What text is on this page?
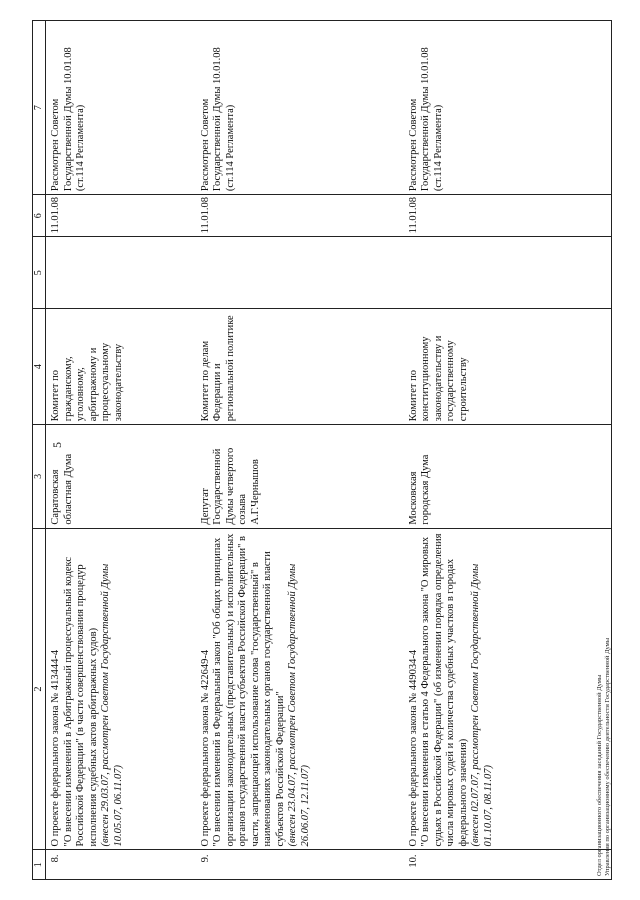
5
1	2	3	4	5	6	7
8.	О проекте федерального закона № 413444-4 "О внесении изменений в Арбитражный процессуальный кодекс Российской Федерации" (в части совершенствования процедур исполнения судебных актов арбитражных судов) (внесен 29.03.07, рассмотрен Советом Государственной Думы 10.05.07, 06.11.07)	Саратовская областная Дума	Комитет по гражданскому, уголовному, арбитражному и процессуальному законодательству		11.01.08	Рассмотрен Советом Государственной Думы 10.01.08 (ст.114 Регламента)
9.	О проекте федерального закона № 422649-4 "О внесении изменений в Федеральный закон "Об общих принципах организации законодательных (представительных) и исполнительных органов государственной власти субъектов Российской Федерации" в части, запрещающей использование слова "государственный" в наименованиях законодательных органов государственной власти субъектов Российской Федерации" (внесен 23.04.07, рассмотрен Советом Государственной Думы 26.06.07, 12.11.07)	Депутат Государственной Думы четвертого созыва А.Г.Чернышов	Комитет по делам Федерации и региональной политике		11.01.08	Рассмотрен Советом Государственной Думы 10.01.08 (ст.114 Регламента)
10.	О проекте федерального закона № 449034-4 "О внесении изменения в статью 4 Федерального закона "О мировых судьях в Российской Федерации" (об изменении порядка определения числа мировых судей и количества судебных участков в городах федерального значения) (внесен 02.07.07, рассмотрен Советом Государственной Думы 01.10.07, 08.11.07)	Московская городская Дума	Комитет по конституционному законодательству и государственному строительству		11.01.08	Рассмотрен Советом Государственной Думы 10.01.08 (ст.114 Регламента)
Отдел организационного обеспечения заседаний Государственной Думы Управления по организационному обеспечению деятельности Государственной Думы
